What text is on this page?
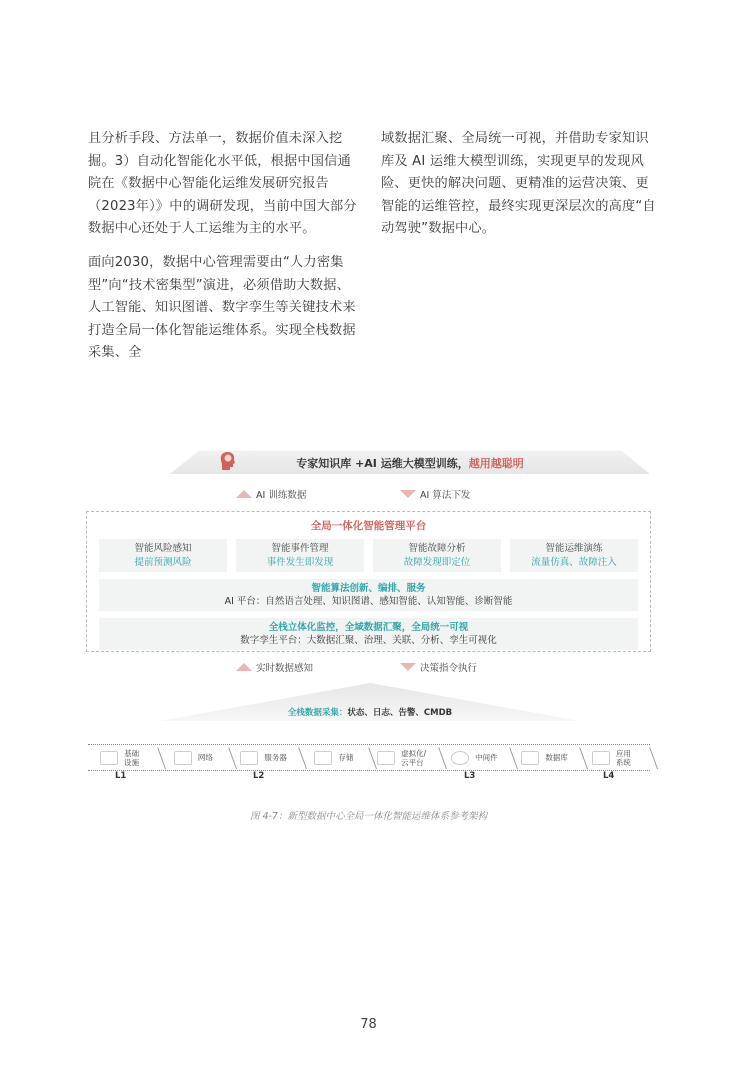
且分析手段、方法单一，数据价值未深入挖掘。3）自动化智能化水平低，根据中国信通院在《数据中心智能化运维发展研究报告（2023年）》中的调研发现，当前中国大部分数据中心还处于人工运维为主的水平。

面向2030，数据中心管理需要由“人力密集型”向“技术密集型”演进，必须借助大数据、人工智能、知识图谱、数字孪生等关键技术来打造全局一体化智能运维体系。实现全栈数据采集、全

域数据汇聚、全局统一可视，并借助专家知识库及 AI 运维大模型训练，实现更早的发现风险、更快的解决问题、更精准的运营决策、更智能的运维管控，最终实现更深层次的高度“自动驾驶”数据中心。

专家知识库 +AI 运维大模型训练，越用越聪明
AI 训练数据	AI 算法下发
全局一体化智能管理平台
智能风险感知
提前预测风险
智能事件管理
事件发生即发现
智能故障分析
故障发现即定位
智能运维演练
流量仿真、故障注入
智能算法创新、编排、服务
AI 平台：自然语言处理、知识图谱、感知智能、认知智能、诊断智能
全栈立体化监控，全域数据汇聚，全局统一可视
数字孪生平台：大数据汇聚、治理、关联、分析、孪生可视化
实时数据感知	决策指令执行
全栈数据采集：状态、日志、告警、CMDB
基础设施	网络	服务器	存储	虚拟化/云平台	中间件	数据库	应用系统
L1	L2	L3	L4
图 4-7：新型数据中心全局一体化智能运维体系参考架构
78
